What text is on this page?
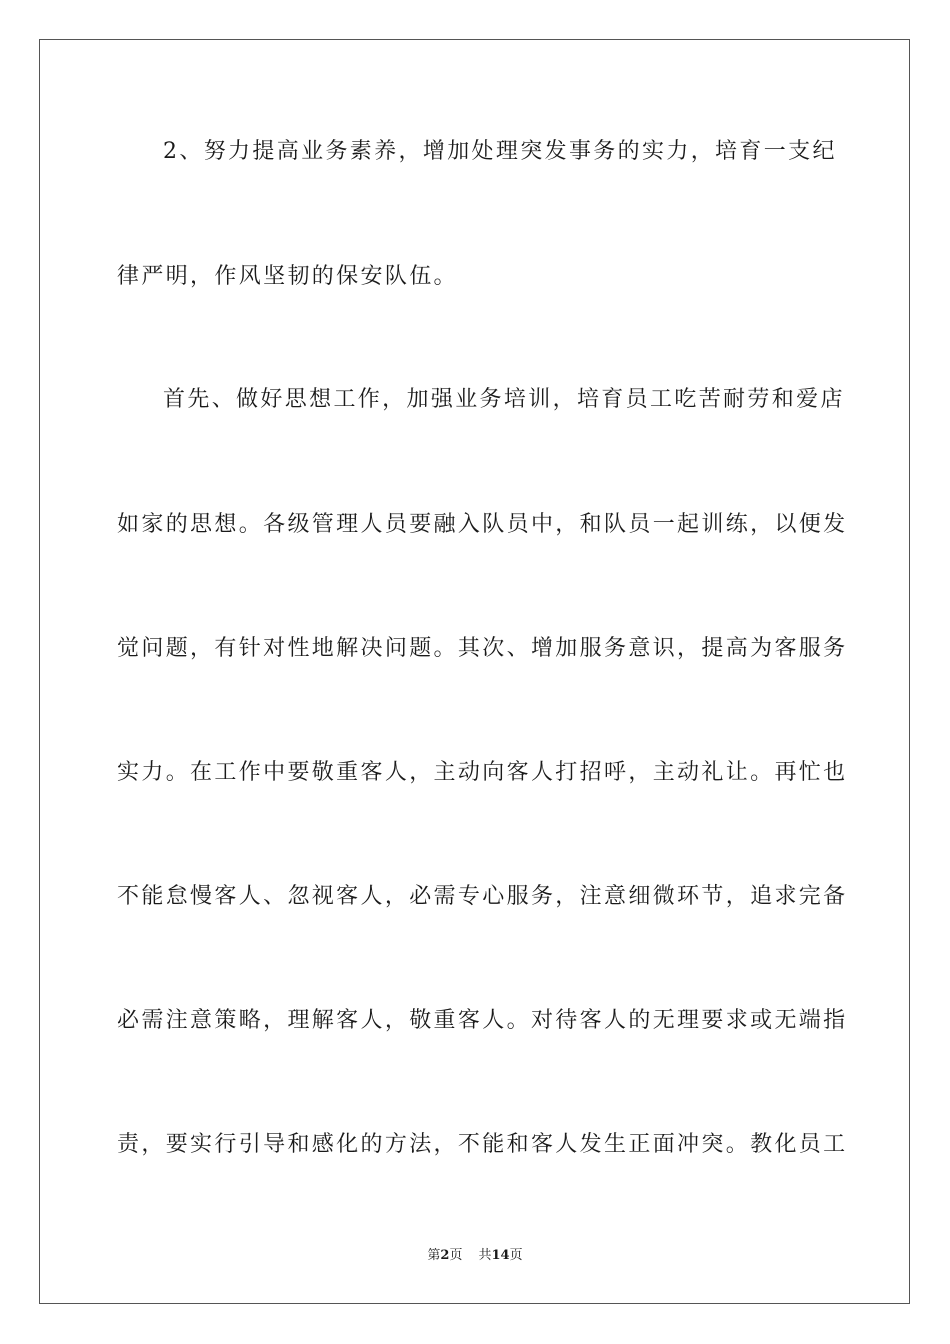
2、努力提高业务素养，增加处理突发事务的实力，培育一支纪
律严明，作风坚韧的保安队伍。
首先、做好思想工作，加强业务培训，培育员工吃苦耐劳和爱店
如家的思想。各级管理人员要融入队员中，和队员一起训练，以便发
觉问题，有针对性地解决问题。其次、增加服务意识，提高为客服务
实力。在工作中要敬重客人，主动向客人打招呼，主动礼让。再忙也
不能怠慢客人、忽视客人，必需专心服务，注意细微环节，追求完备
必需注意策略，理解客人，敬重客人。对待客人的无理要求或无端指
责，要实行引导和感化的方法，不能和客人发生正面冲突。教化员工
第2页 共14页
